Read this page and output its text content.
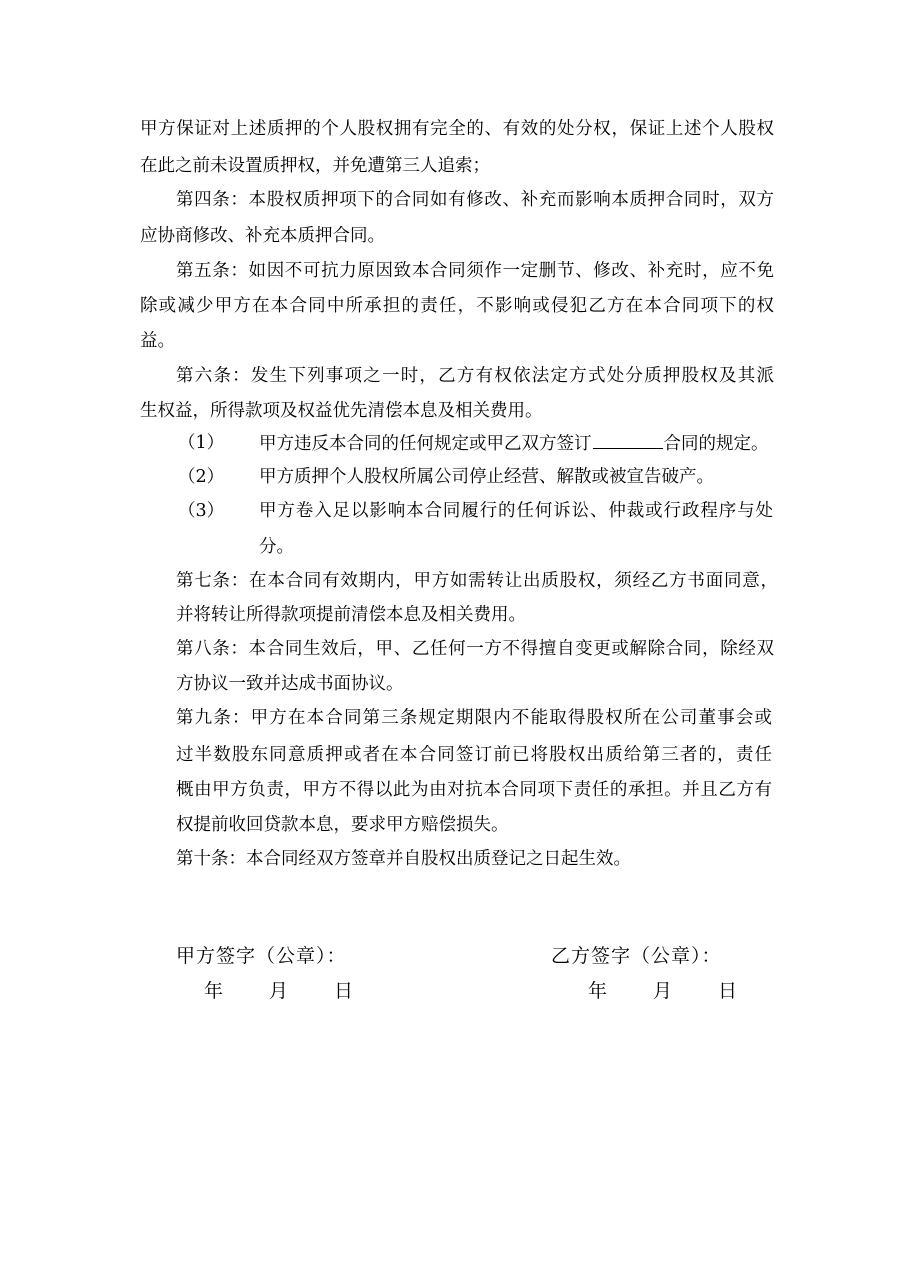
甲方保证对上述质押的个人股权拥有完全的、有效的处分权，保证上述个人股权
在此之前未设置质押权，并免遭第三人追索；
第四条：本股权质押项下的合同如有修改、补充而影响本质押合同时，双方
应协商修改、补充本质押合同。
第五条：如因不可抗力原因致本合同须作一定删节、修改、补充时，应不免
除或减少甲方在本合同中所承担的责任，不影响或侵犯乙方在本合同项下的权
益。
第六条：发生下列事项之一时，乙方有权依法定方式处分质押股权及其派
生权益，所得款项及权益优先清偿本息及相关费用。
（1） 甲方违反本合同的任何规定或甲乙双方签订	合同的规定。
（2） 甲方质押个人股权所属公司停止经营、解散或被宣告破产。
（3） 甲方卷入足以影响本合同履行的任何诉讼、仲裁或行政程序与处
分。
第七条：在本合同有效期内，甲方如需转让出质股权，须经乙方书面同意，
并将转让所得款项提前清偿本息及相关费用。
第八条：本合同生效后，甲、乙任何一方不得擅自变更或解除合同，除经双
方协议一致并达成书面协议。
第九条：甲方在本合同第三条规定期限内不能取得股权所在公司董事会或
过半数股东同意质押或者在本合同签订前已将股权出质给第三者的，责任
概由甲方负责，甲方不得以此为由对抗本合同项下责任的承担。并且乙方有
权提前收回贷款本息，要求甲方赔偿损失。
第十条：本合同经双方签章并自股权出质登记之日起生效。
甲方签字（公章）：	乙方签字（公章）：
年 月 日	年 月 日
